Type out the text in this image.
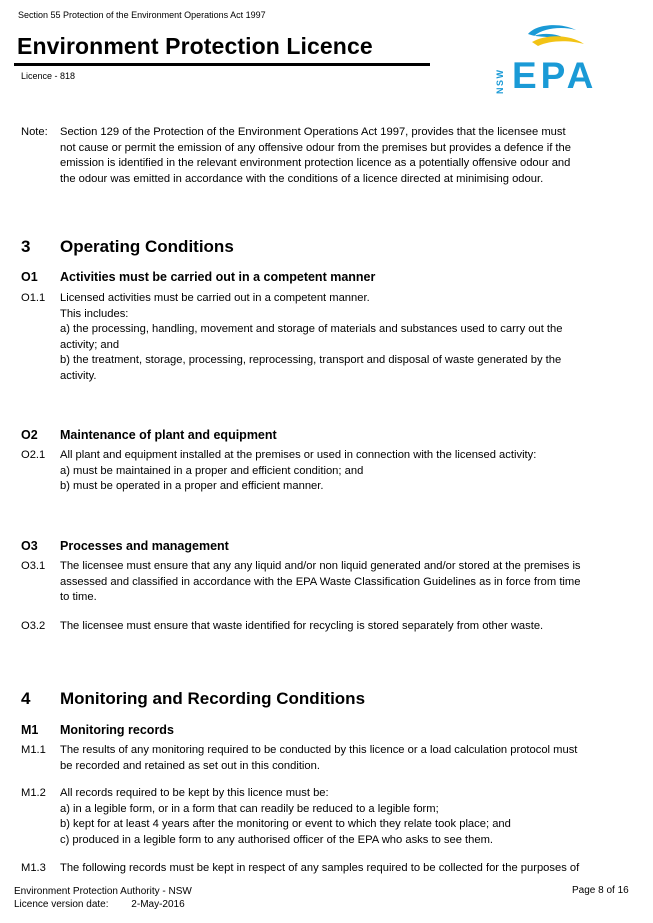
Section 55 Protection of the Environment Operations Act 1997
Environment Protection Licence
Licence - 818	NSW EPA
Note: Section 129 of the Protection of the Environment Operations Act 1997, provides that the licensee must
not cause or permit the emission of any offensive odour from the premises but provides a defence if the
emission is identified in the relevant environment protection licence as a potentially offensive odour and
the odour was emitted in accordance with the conditions of a licence directed at minimising odour.
3 Operating Conditions
O1 Activities must be carried out in a competent manner
O1.1 Licensed activities must be carried out in a competent manner.
This includes:
a) the processing, handling, movement and storage of materials and substances used to carry out the
activity; and
b) the treatment, storage, processing, reprocessing, transport and disposal of waste generated by the
activity.
O2 Maintenance of plant and equipment
O2.1 All plant and equipment installed at the premises or used in connection with the licensed activity:
a) must be maintained in a proper and efficient condition; and
b) must be operated in a proper and efficient manner.
O3 Processes and management
O3.1 The licensee must ensure that any any liquid and/or non liquid generated and/or stored at the premises is
assessed and classified in accordance with the EPA Waste Classification Guidelines as in force from time
to time.
O3.2 The licensee must ensure that waste identified for recycling is stored separately from other waste.
4 Monitoring and Recording Conditions
M1 Monitoring records
M1.1 The results of any monitoring required to be conducted by this licence or a load calculation protocol must
be recorded and retained as set out in this condition.
M1.2 All records required to be kept by this licence must be:
a) in a legible form, or in a form that can readily be reduced to a legible form;
b) kept for at least 4 years after the monitoring or event to which they relate took place; and
c) produced in a legible form to any authorised officer of the EPA who asks to see them.
M1.3 The following records must be kept in respect of any samples required to be collected for the purposes of
Environment Protection Authority - NSW
Licence version date: 2-May-2016
Page 8 of 16
